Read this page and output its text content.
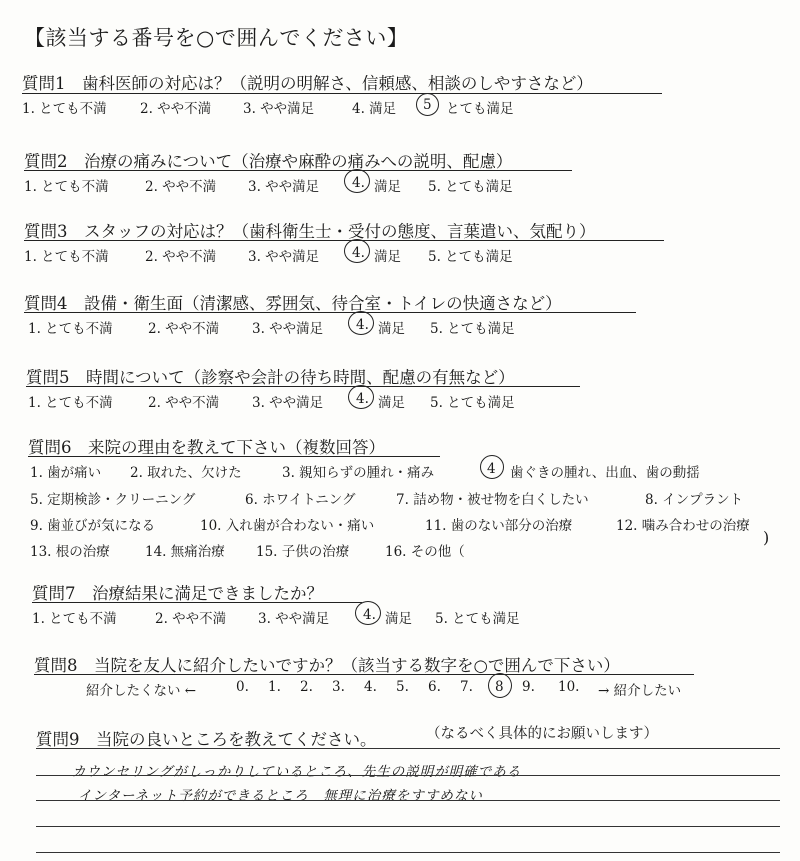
【該当する番号を○で囲んでください】
質問1　歯科医師の対応は？（説明の明解さ、信頼感、相談のしやすさなど）
1. とても不満 2. やや不満 3. やや満足	4. 満足 5 とても満足
質問2　治療の痛みについて（治療や麻酔の痛みへの説明、配慮）
1. とても不満	2. やや不満 3. やや満足 4. 満足 5. とても満足
質問3　スタッフの対応は？（歯科衛生士・受付の態度、言葉遣い、気配り）
1. とても不満	2. やや不満 3. やや満足 4. 満足 5. とても満足
質問4　設備・衛生面（清潔感、雰囲気、待合室・トイレの快適さなど）
1. とても不満	2. やや不満 3. やや満足 4. 満足 5. とても満足
質問5　時間について（診察や会計の待ち時間、配慮の有無など）
1. とても不満	2. やや不満 3. やや満足 4. 満足 5. とても満足
質問6　来院の理由を教えて下さい（複数回答）
1. 歯が痛い 2. 取れた、欠けた	3. 親知らずの腫れ・痛み	4 歯ぐきの腫れ、出血、歯の動揺
5. 定期検診・クリーニング	6. ホワイトニング	7. 詰め物・被せ物を白くしたい	8. インプラント
9. 歯並びが気になる	10. 入れ歯が合わない・痛い	11. 歯のない部分の治療	12. 噛み合わせの治療
13. 根の治療	14. 無痛治療 15. 子供の治療	16. その他（
)
質問7　治療結果に満足できましたか？
1. とても不満	2. やや不満 3. やや満足	4. 満足 5. とても満足
質問8　当院を友人に紹介したいですか？（該当する数字を○で囲んで下さい）
紹介したくない ←	0. 1. 2. 3. 4. 5. 6. 7. 8 9. 10. → 紹介したい
質問9　当院の良いところを教えてください。	（なるべく具体的にお願いします）
カウンセリングがしっかりしているところ、先生の説明が明確である
インターネット予約ができるところ　無理に治療をすすめない
